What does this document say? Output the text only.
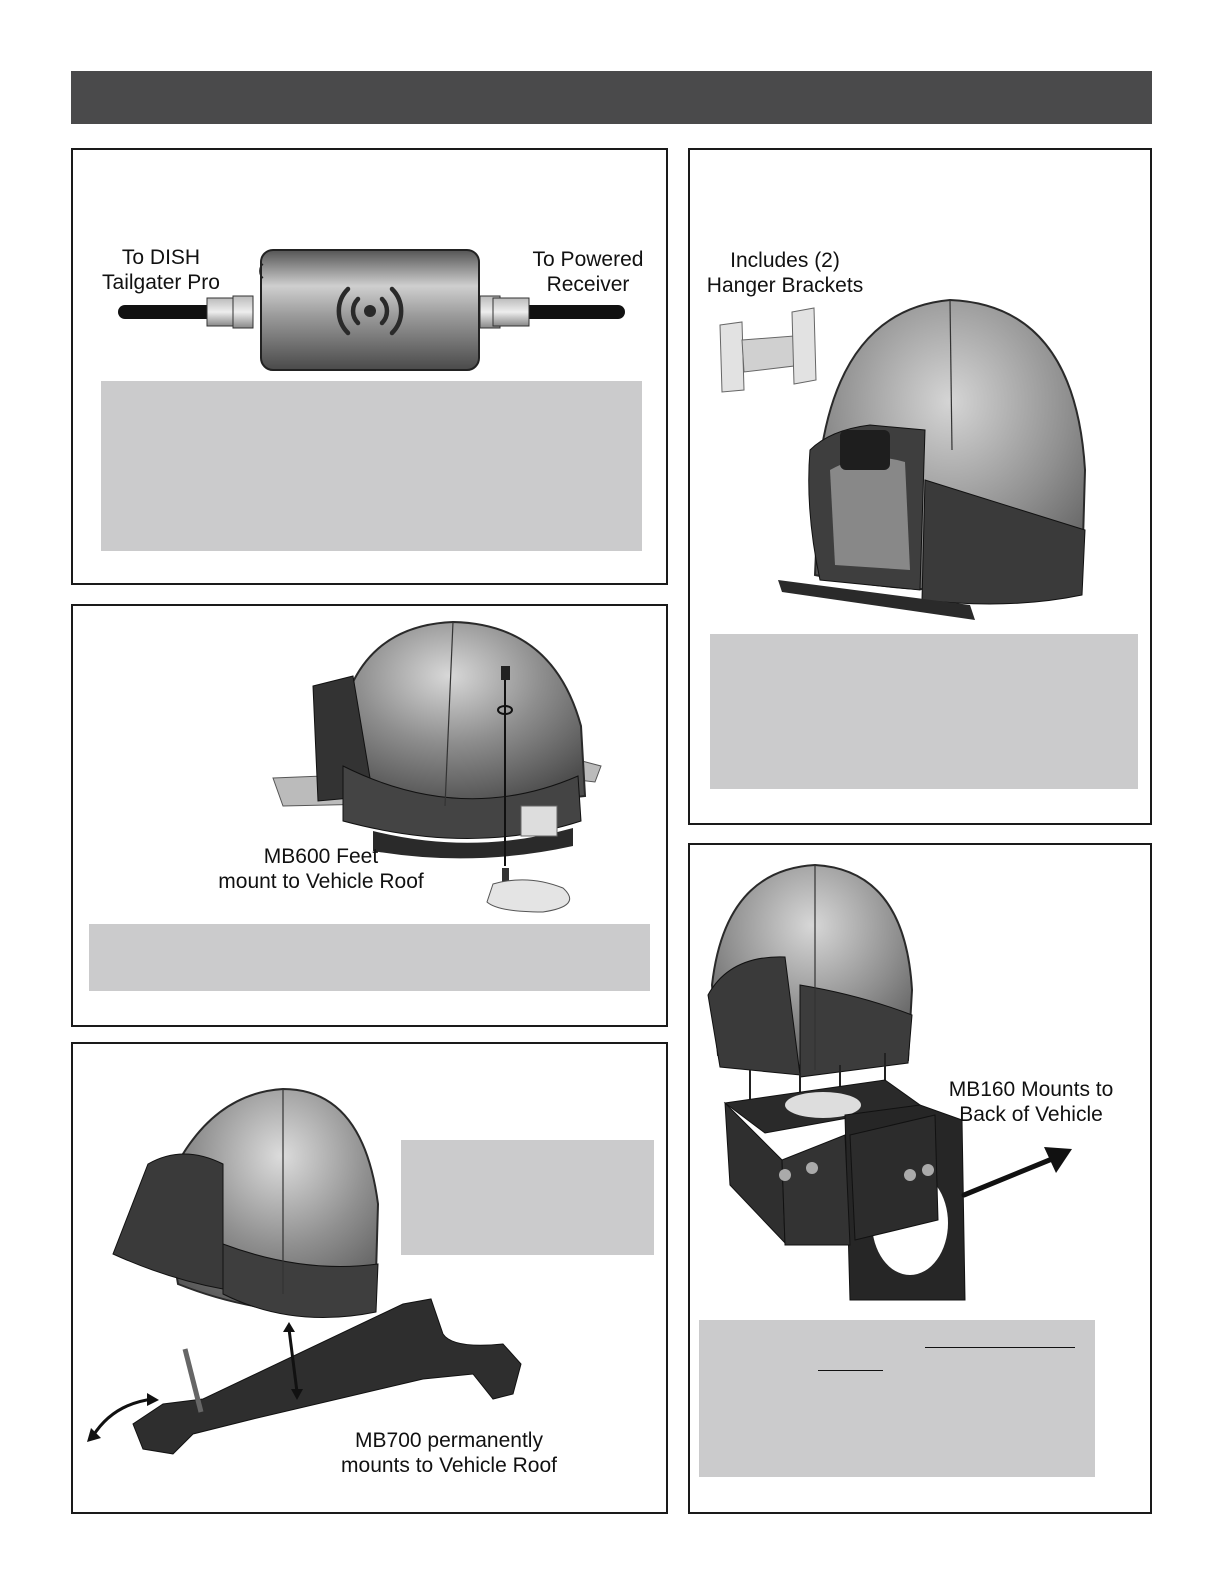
To DISH
Tailgater Pro
To Powered
Receiver
MB600 Feet
mount to Vehicle Roof
MB700 permanently
mounts to Vehicle Roof
Includes (2)
Hanger Brackets
MB160 Mounts to
Back of Vehicle
